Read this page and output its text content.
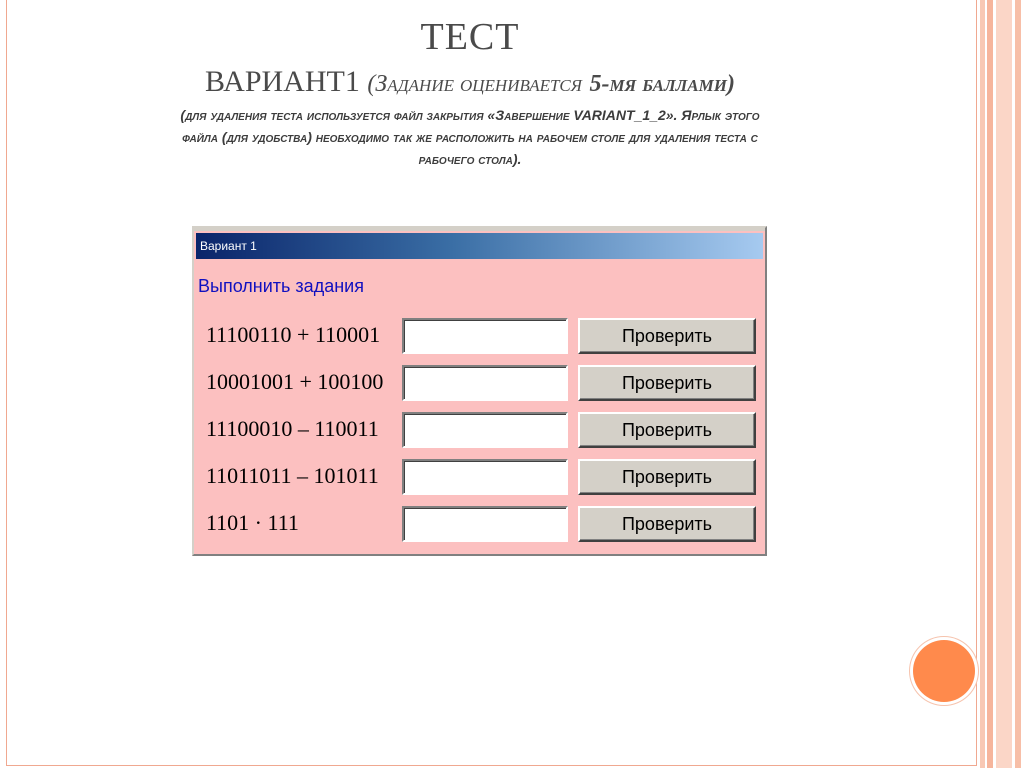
ТЕСТ
ВАРИАНТ1 (Задание оценивается 5-мя баллами)
(для удаления теста используется файл закрытия «Завершение VARIANT_1_2». Ярлык этого
файла (для удобства) необходимо так же расположить на рабочем столе для удаления теста с
рабочего стола).
Вариант 1
Выполнить задания
11100110 + 110001	Проверить
10001001 + 100100	Проверить
11100010 – 110011	Проверить
11011011 – 101011	Проверить
1101 · 111	Проверить
